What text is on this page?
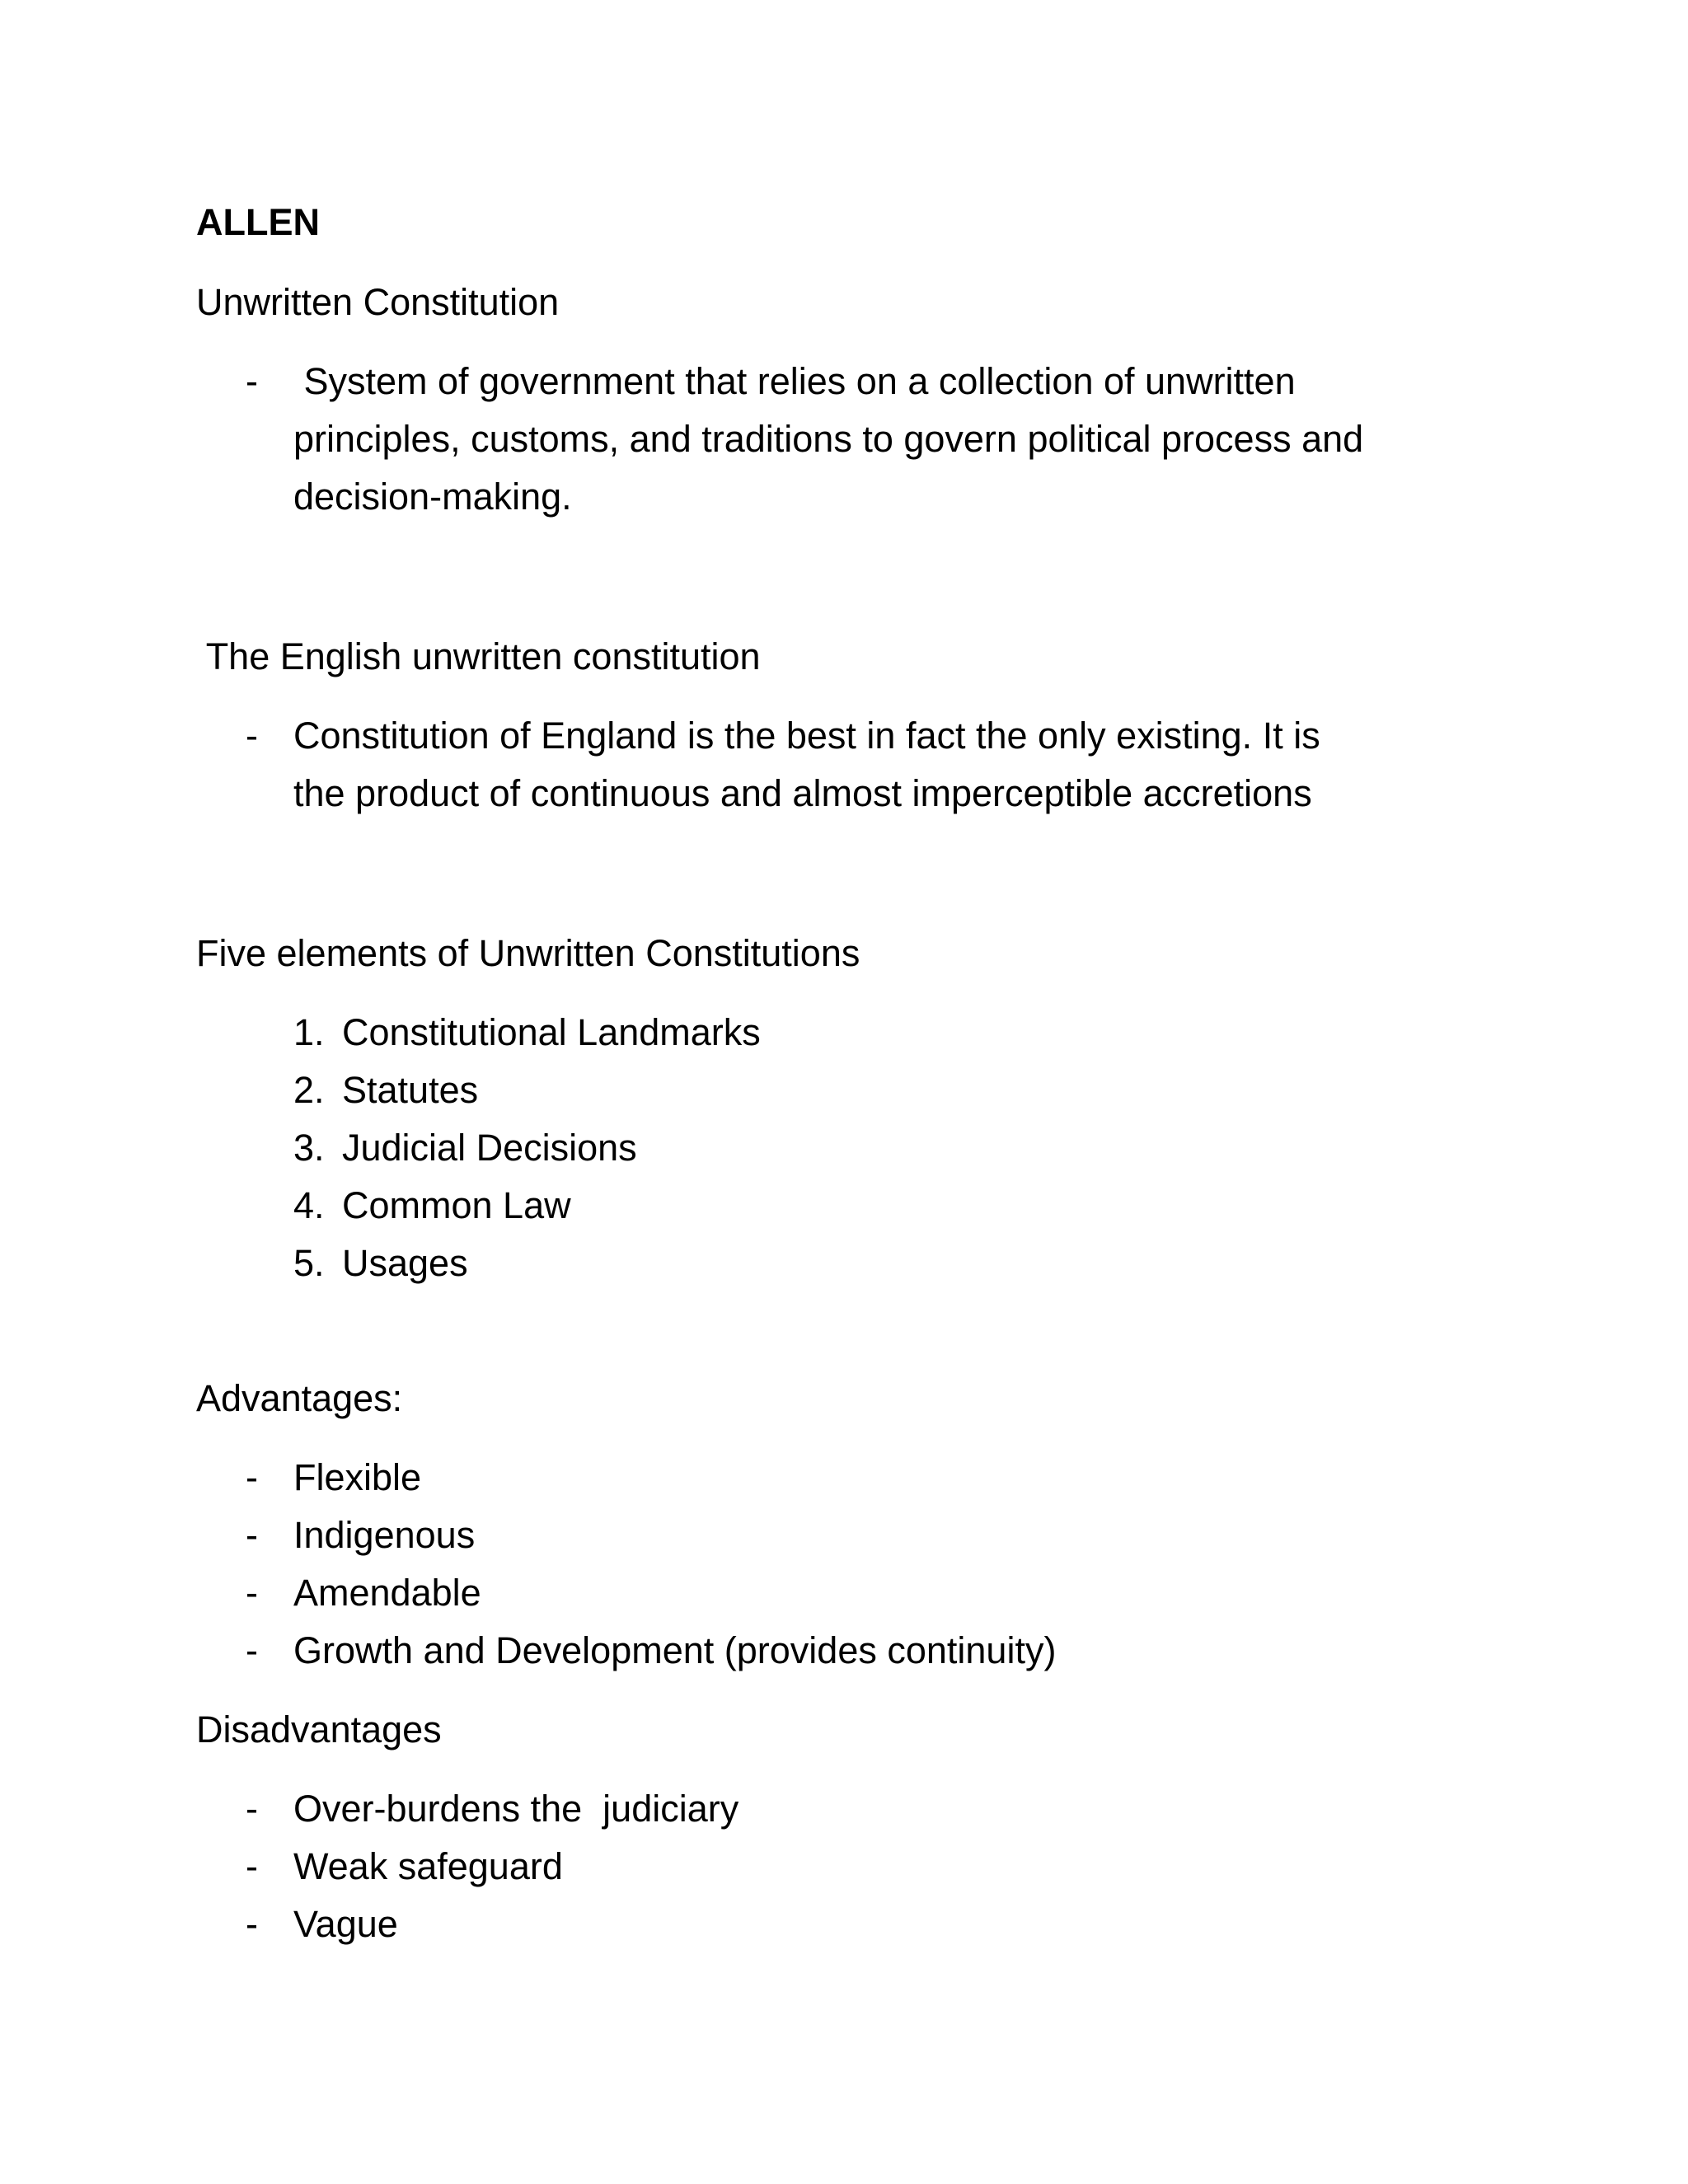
ALLEN
Unwritten Constitution
- System of government that relies on a collection of unwritten
principles, customs, and traditions to govern political process and
decision-making.
The English unwritten constitution
- Constitution of England is the best in fact the only existing. It is
the product of continuous and almost imperceptible accretions
Five elements of Unwritten Constitutions
1. Constitutional Landmarks
2. Statutes
3. Judicial Decisions
4. Common Law
5. Usages
Advantages:
- Flexible
- Indigenous
- Amendable
- Growth and Development (provides continuity)
Disadvantages
- Over-burdens the  judiciary
- Weak safeguard
- Vague
